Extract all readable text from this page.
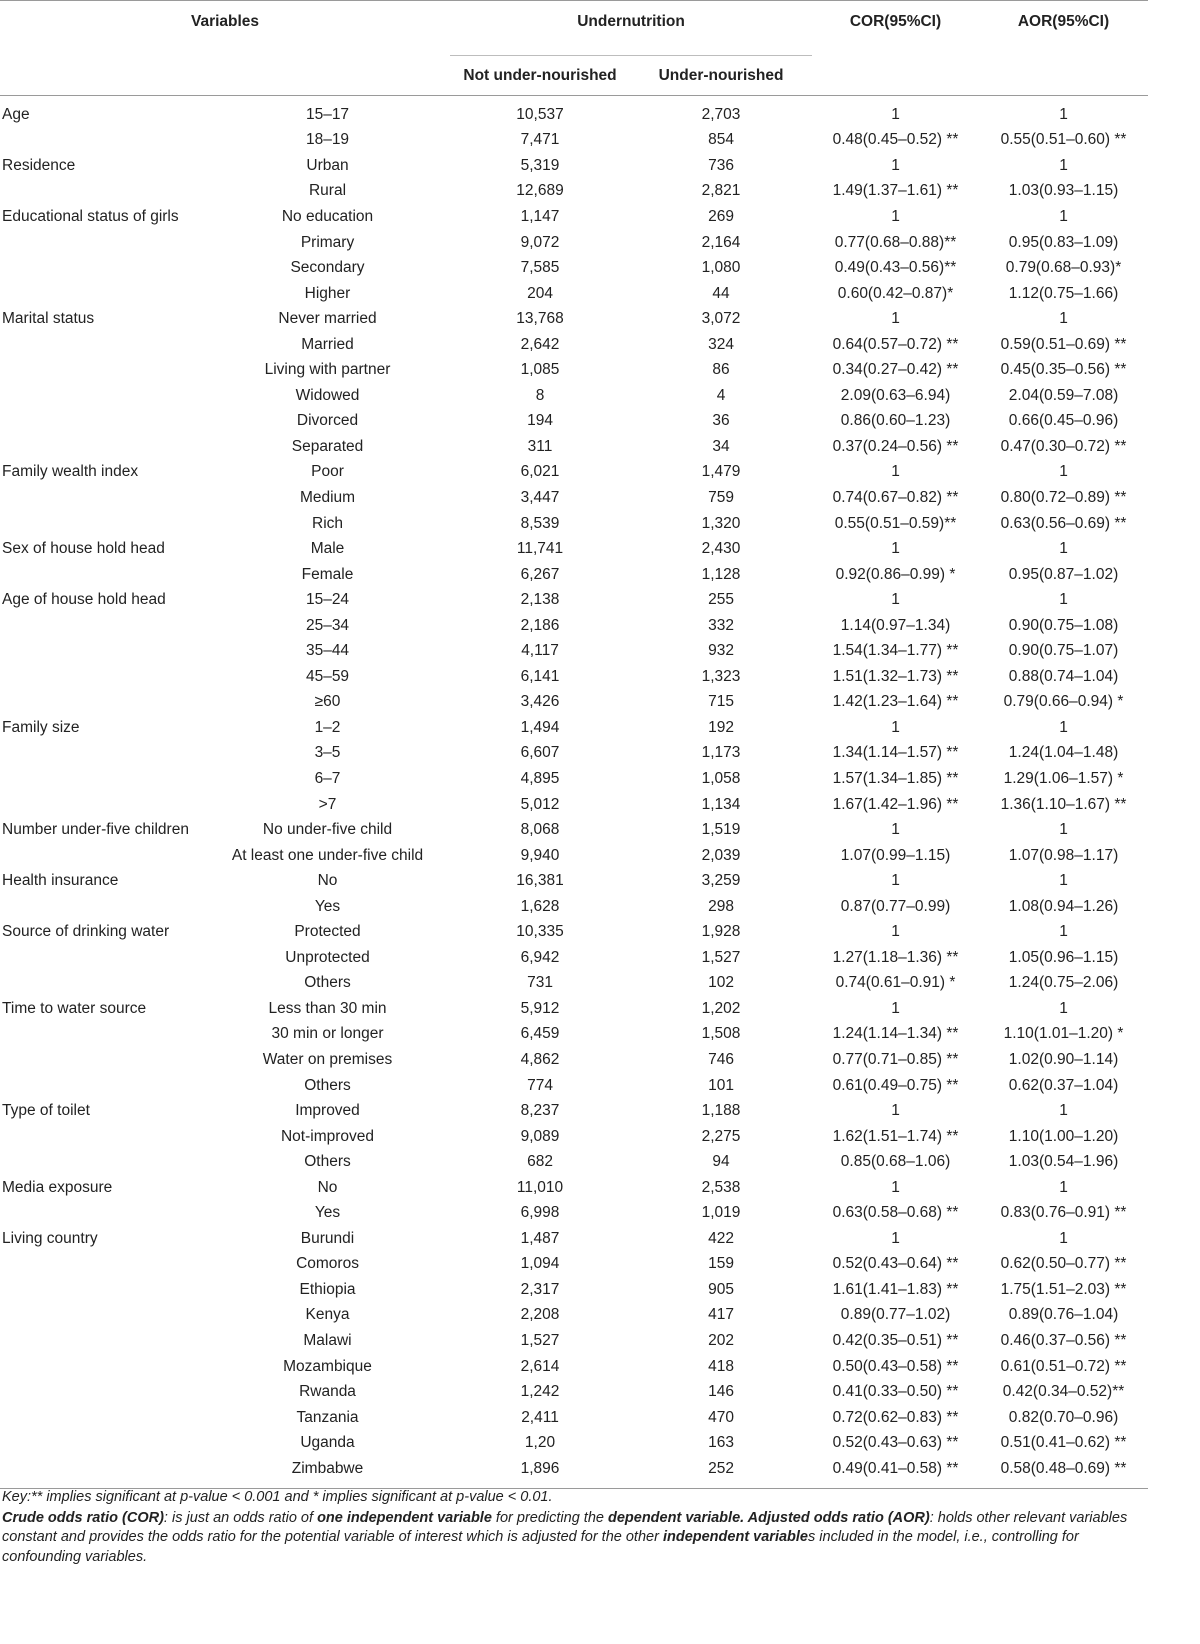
Variables		Undernutrition		COR(95%CI)	AOR(95%CI)
		Not under-nourished	Under-nourished		
Age	15–17	10,537	2,703	1	1
	18–19	7,471	854	0.48(0.45–0.52) **	0.55(0.51–0.60) **
Residence	Urban	5,319	736	1	1
	Rural	12,689	2,821	1.49(1.37–1.61) **	1.03(0.93–1.15)
Educational status of girls	No education	1,147	269	1	1
	Primary	9,072	2,164	0.77(0.68–0.88)**	0.95(0.83–1.09)
	Secondary	7,585	1,080	0.49(0.43–0.56)**	0.79(0.68–0.93)*
	Higher	204	44	0.60(0.42–0.87)*	1.12(0.75–1.66)
Marital status	Never married	13,768	3,072	1	1
	Married	2,642	324	0.64(0.57–0.72) **	0.59(0.51–0.69) **
	Living with partner	1,085	86	0.34(0.27–0.42) **	0.45(0.35–0.56) **
	Widowed	8	4	2.09(0.63–6.94)	2.04(0.59–7.08)
	Divorced	194	36	0.86(0.60–1.23)	0.66(0.45–0.96)
	Separated	311	34	0.37(0.24–0.56) **	0.47(0.30–0.72) **
Family wealth index	Poor	6,021	1,479	1	1
	Medium	3,447	759	0.74(0.67–0.82) **	0.80(0.72–0.89) **
	Rich	8,539	1,320	0.55(0.51–0.59)**	0.63(0.56–0.69) **
Sex of house hold head	Male	11,741	2,430	1	1
	Female	6,267	1,128	0.92(0.86–0.99) *	0.95(0.87–1.02)
Age of house hold head	15–24	2,138	255	1	1
	25–34	2,186	332	1.14(0.97–1.34)	0.90(0.75–1.08)
	35–44	4,117	932	1.54(1.34–1.77) **	0.90(0.75–1.07)
	45–59	6,141	1,323	1.51(1.32–1.73) **	0.88(0.74–1.04)
	≥60	3,426	715	1.42(1.23–1.64) **	0.79(0.66–0.94) *
Family size	1–2	1,494	192	1	1
	3–5	6,607	1,173	1.34(1.14–1.57) **	1.24(1.04–1.48)
	6–7	4,895	1,058	1.57(1.34–1.85) **	1.29(1.06–1.57) *
	>7	5,012	1,134	1.67(1.42–1.96) **	1.36(1.10–1.67) **
Number under-five children	No under-five child	8,068	1,519	1	1
	At least one under-five child	9,940	2,039	1.07(0.99–1.15)	1.07(0.98–1.17)
Health insurance	No	16,381	3,259	1	1
	Yes	1,628	298	0.87(0.77–0.99)	1.08(0.94–1.26)
Source of drinking water	Protected	10,335	1,928	1	1
	Unprotected	6,942	1,527	1.27(1.18–1.36) **	1.05(0.96–1.15)
	Others	731	102	0.74(0.61–0.91) *	1.24(0.75–2.06)
Time to water source	Less than 30 min	5,912	1,202	1	1
	30 min or longer	6,459	1,508	1.24(1.14–1.34) **	1.10(1.01–1.20) *
	Water on premises	4,862	746	0.77(0.71–0.85) **	1.02(0.90–1.14)
	Others	774	101	0.61(0.49–0.75) **	0.62(0.37–1.04)
Type of toilet	Improved	8,237	1,188	1	1
	Not-improved	9,089	2,275	1.62(1.51–1.74) **	1.10(1.00–1.20)
	Others	682	94	0.85(0.68–1.06)	1.03(0.54–1.96)
Media exposure	No	11,010	2,538	1	1
	Yes	6,998	1,019	0.63(0.58–0.68) **	0.83(0.76–0.91) **
Living country	Burundi	1,487	422	1	1
	Comoros	1,094	159	0.52(0.43–0.64) **	0.62(0.50–0.77) **
	Ethiopia	2,317	905	1.61(1.41–1.83) **	1.75(1.51–2.03) **
	Kenya	2,208	417	0.89(0.77–1.02)	0.89(0.76–1.04)
	Malawi	1,527	202	0.42(0.35–0.51) **	0.46(0.37–0.56) **
	Mozambique	2,614	418	0.50(0.43–0.58) **	0.61(0.51–0.72) **
	Rwanda	1,242	146	0.41(0.33–0.50) **	0.42(0.34–0.52)**
	Tanzania	2,411	470	0.72(0.62–0.83) **	0.82(0.70–0.96)
	Uganda	1,20	163	0.52(0.43–0.63) **	0.51(0.41–0.62) **
	Zimbabwe	1,896	252	0.49(0.41–0.58) **	0.58(0.48–0.69) **

Key:** implies significant at p-value < 0.001 and * implies significant at p-value < 0.01.

Crude odds ratio (COR): is just an odds ratio of one independent variable for predicting the dependent variable. Adjusted odds ratio (AOR): holds other relevant variables constant and provides the odds ratio for the potential variable of interest which is adjusted for the other independent variables included in the model, i.e., controlling for confounding variables.
